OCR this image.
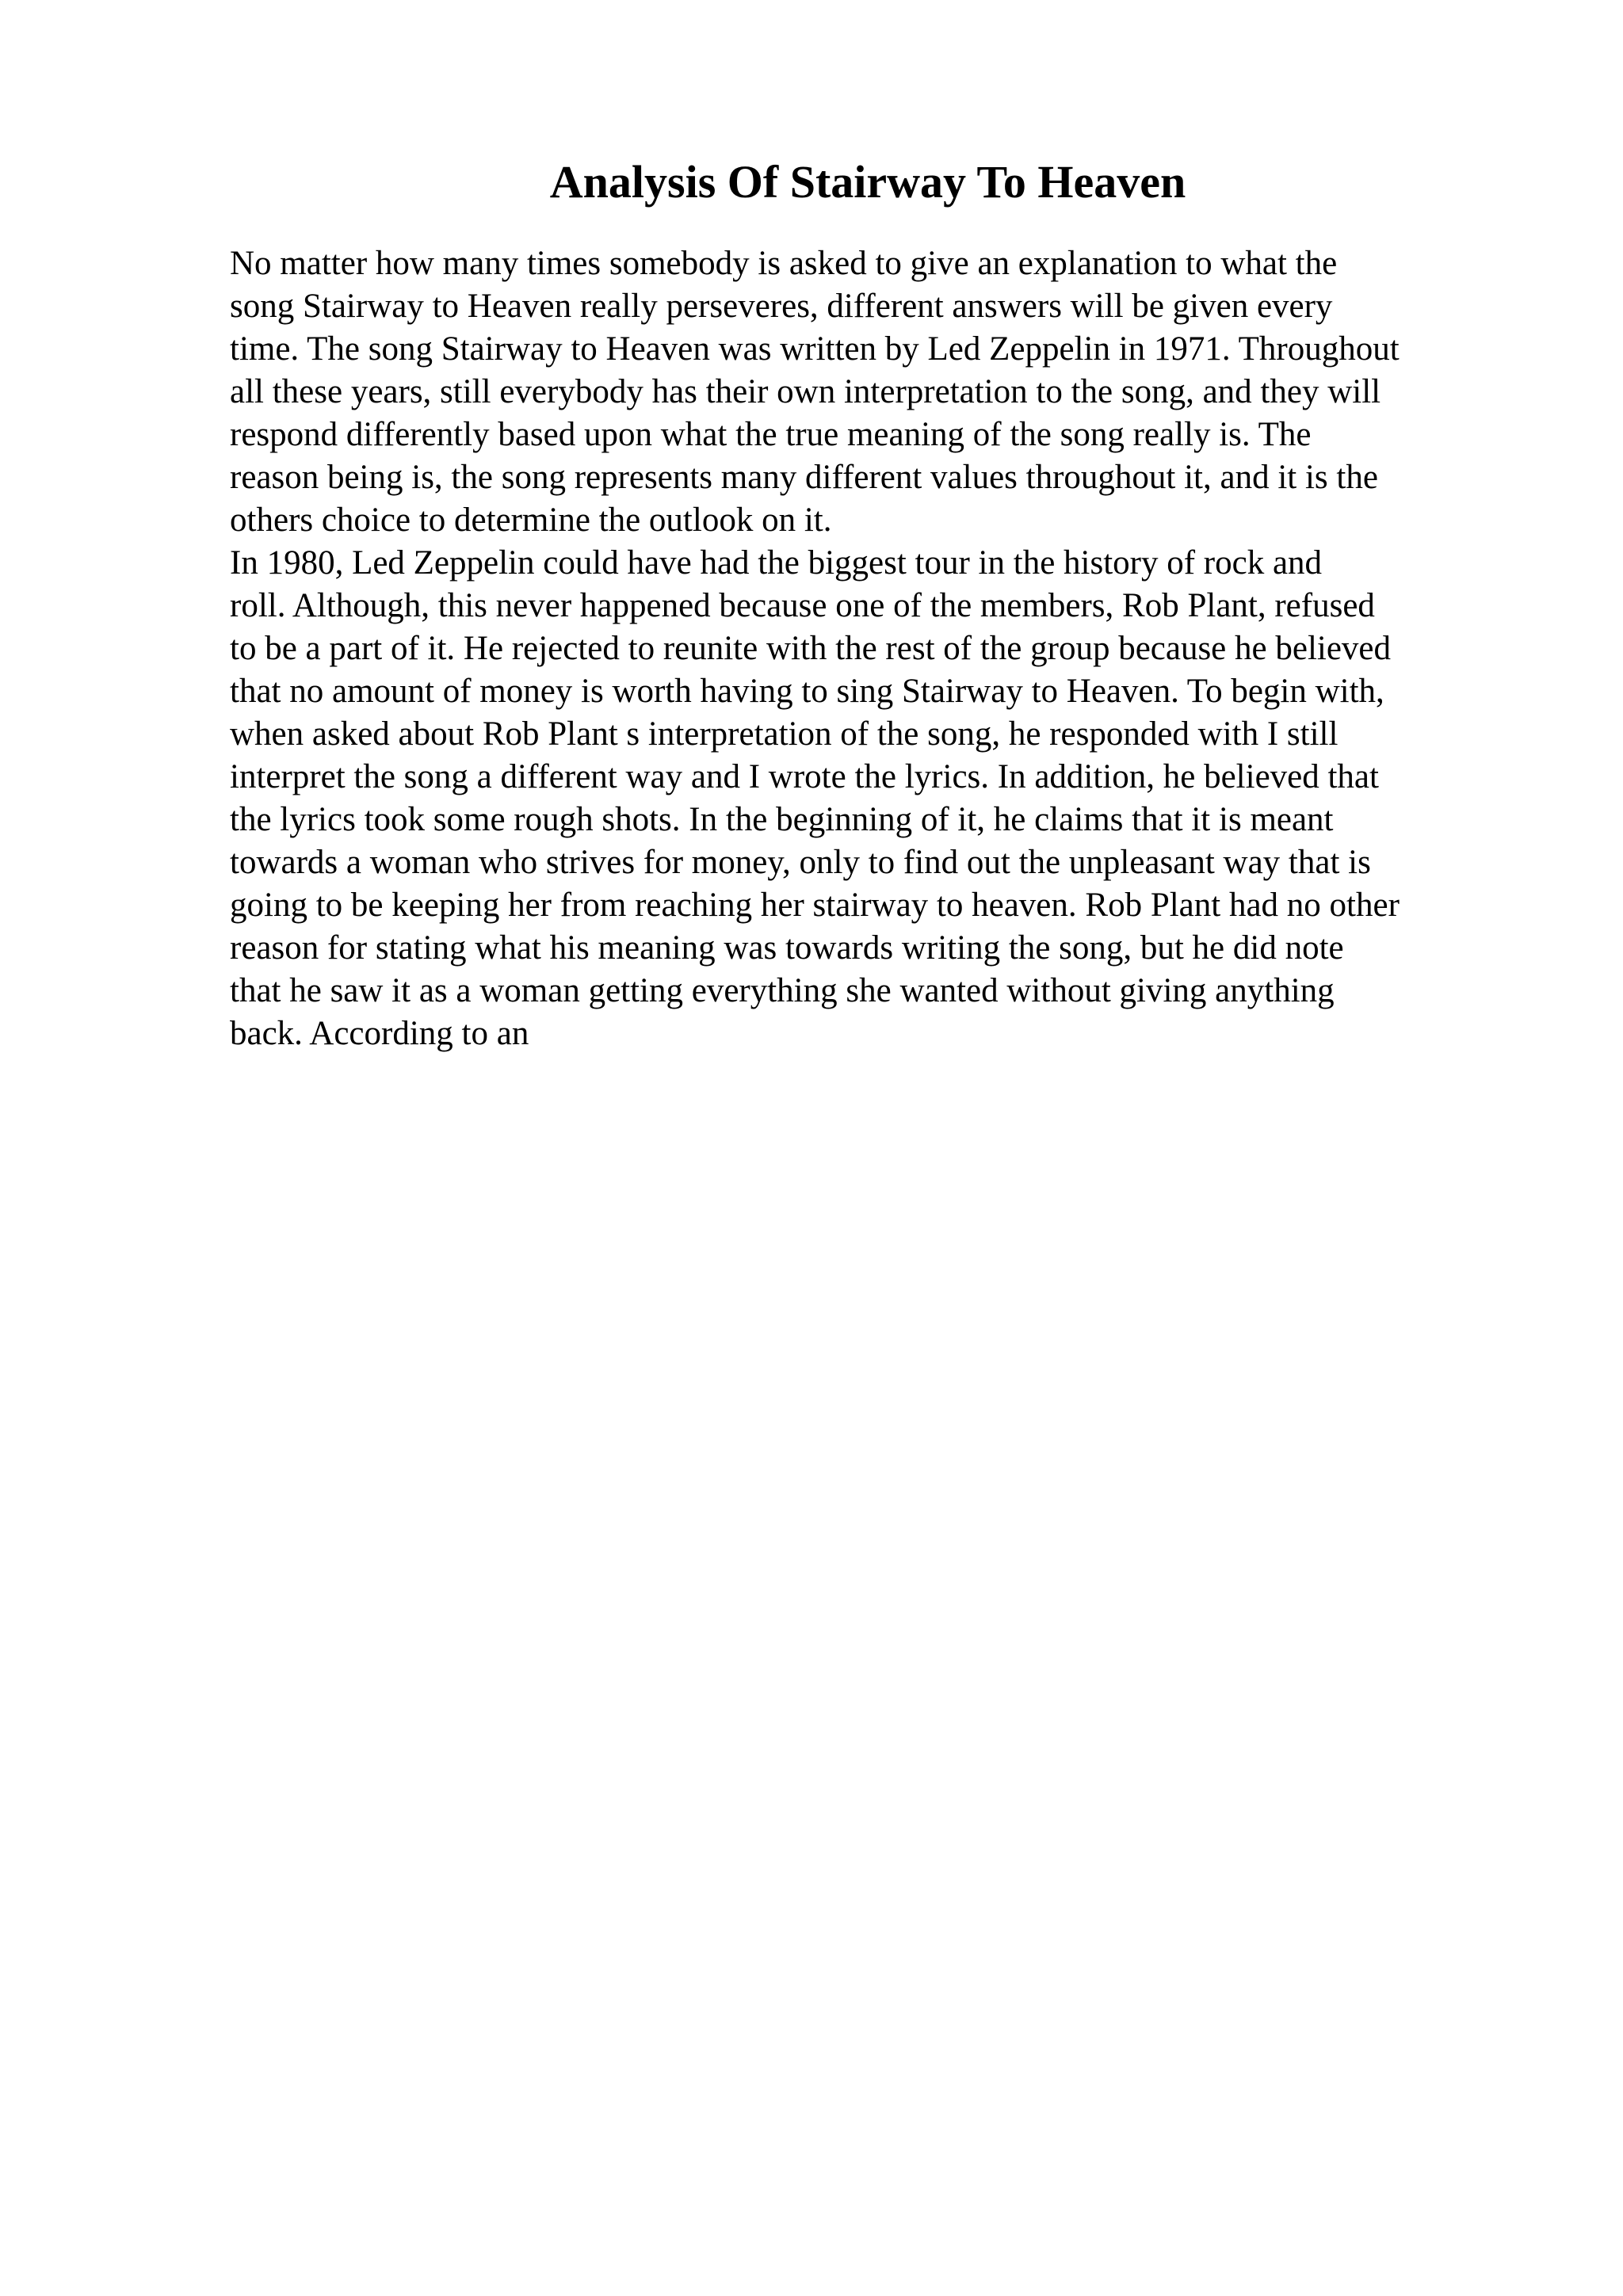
Analysis Of Stairway To Heaven
No matter how many times somebody is asked to give an explanation to what the
song Stairway to Heaven really perseveres, different answers will be given every
time. The song Stairway to Heaven was written by Led Zeppelin in 1971. Throughout
all these years, still everybody has their own interpretation to the song, and they will
respond differently based upon what the true meaning of the song really is. The
reason being is, the song represents many different values throughout it, and it is the
others choice to determine the outlook on it.
In 1980, Led Zeppelin could have had the biggest tour in the history of rock and
roll. Although, this never happened because one of the members, Rob Plant, refused
to be a part of it. He rejected to reunite with the rest of the group because he believed
that no amount of money is worth having to sing Stairway to Heaven. To begin with,
when asked about Rob Plant s interpretation of the song, he responded with I still
interpret the song a different way and I wrote the lyrics. In addition, he believed that
the lyrics took some rough shots. In the beginning of it, he claims that it is meant
towards a woman who strives for money, only to find out the unpleasant way that is
going to be keeping her from reaching her stairway to heaven. Rob Plant had no other
reason for stating what his meaning was towards writing the song, but he did note
that he saw it as a woman getting everything she wanted without giving anything
back. According to an
